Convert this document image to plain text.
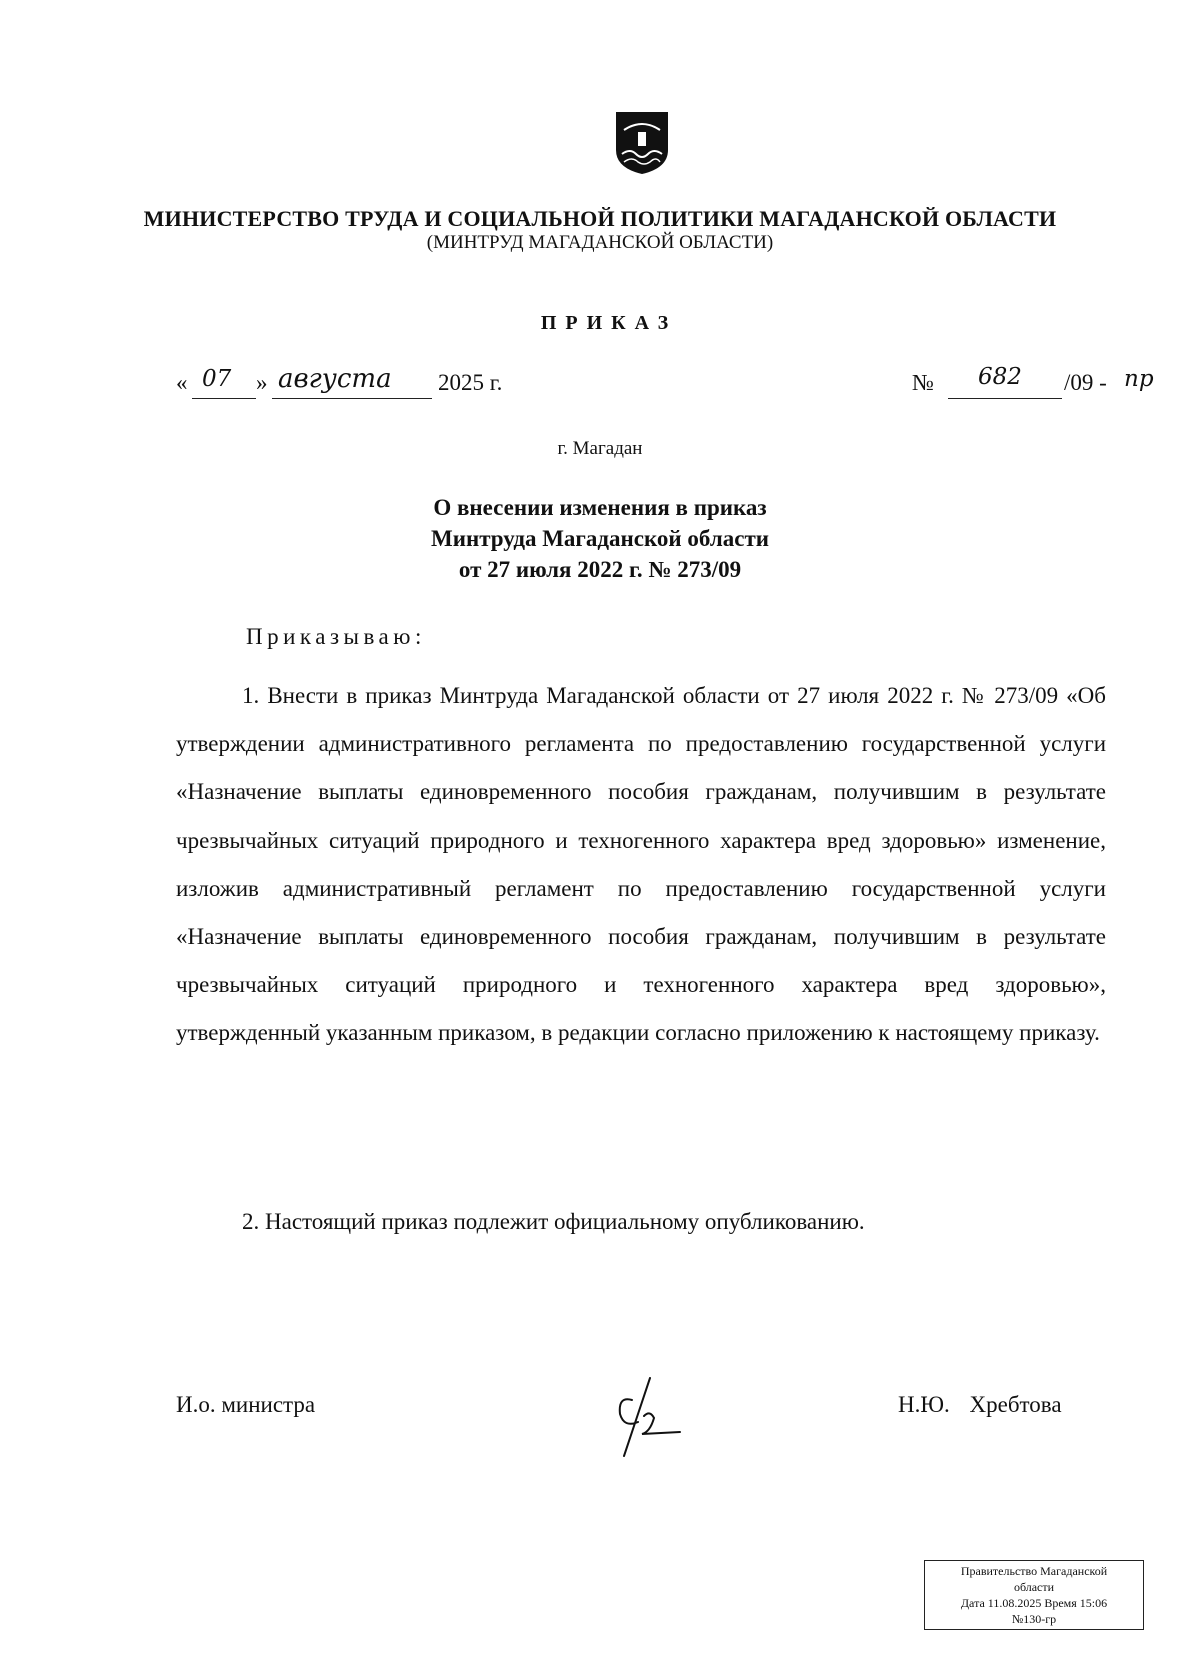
МИНИСТЕРСТВО ТРУДА И СОЦИАЛЬНОЙ ПОЛИТИКИ МАГАДАНСКОЙ ОБЛАСТИ
(МИНТРУД МАГАДАНСКОЙ ОБЛАСТИ)
ПРИКАЗ
« 07 » августа 2025 г.	№ 682 /09 - пр
г. Магадан
О внесении изменения в приказ
Минтруда Магаданской области
от 27 июля 2022 г. № 273/09
Приказываю:

1. Внести в приказ Минтруда Магаданской области от 27 июля 2022 г. № 273/09 «Об утверждении административного регламента по предоставлению государственной услуги «Назначение выплаты единовременного пособия гражданам, получившим в результате чрезвычайных ситуаций природного и техногенного характера вред здоровью» изменение, изложив административный регламент по предоставлению государственной услуги «Назначение выплаты единовременного пособия гражданам, получившим в результате чрезвычайных ситуаций природного и техногенного характера вред здоровью», утвержденный указанным приказом, в редакции согласно приложению к настоящему приказу.

2. Настоящий приказ подлежит официальному опубликованию.
И.о. министра	Н.Ю. Хребтова
Правительство Магаданской
области
Дата 11.08.2025 Время 15:06
№130-гр
